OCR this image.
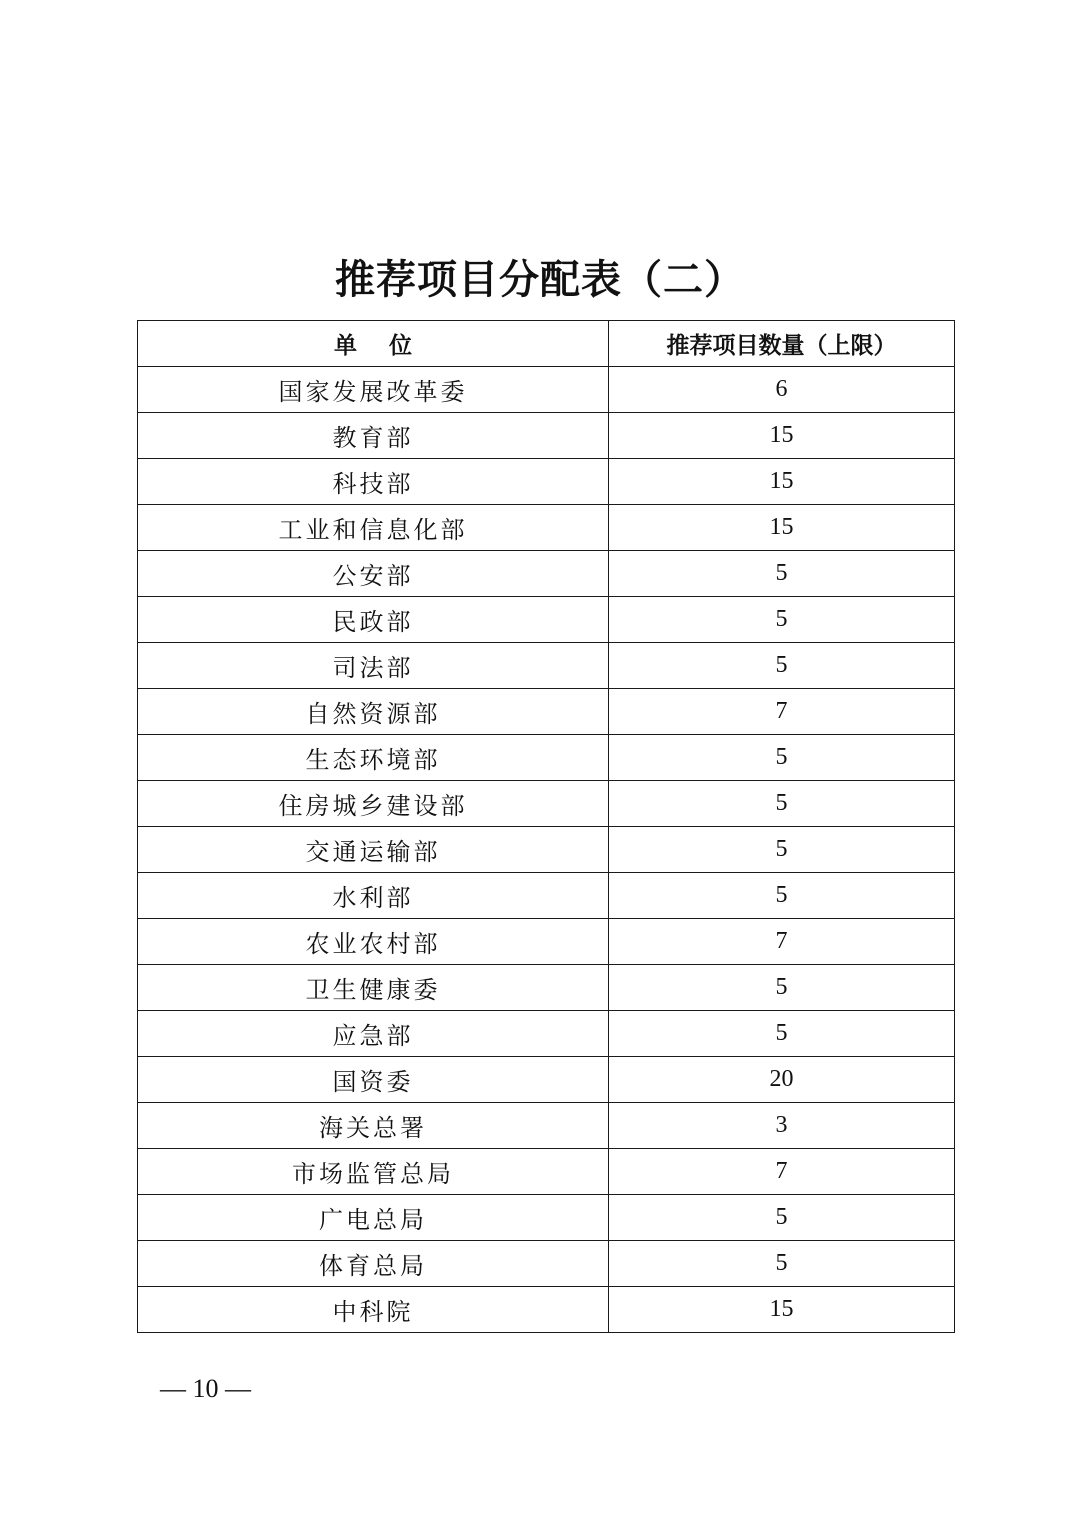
推荐项目分配表（二）
单 位	推荐项目数量（上限）
国家发展改革委	6
教育部	15
科技部	15
工业和信息化部	15
公安部	5
民政部	5
司法部	5
自然资源部	7
生态环境部	5
住房城乡建设部	5
交通运输部	5
水利部	5
农业农村部	7
卫生健康委	5
应急部	5
国资委	20
海关总署	3
市场监管总局	7
广电总局	5
体育总局	5
中科院	15
— 10 —
